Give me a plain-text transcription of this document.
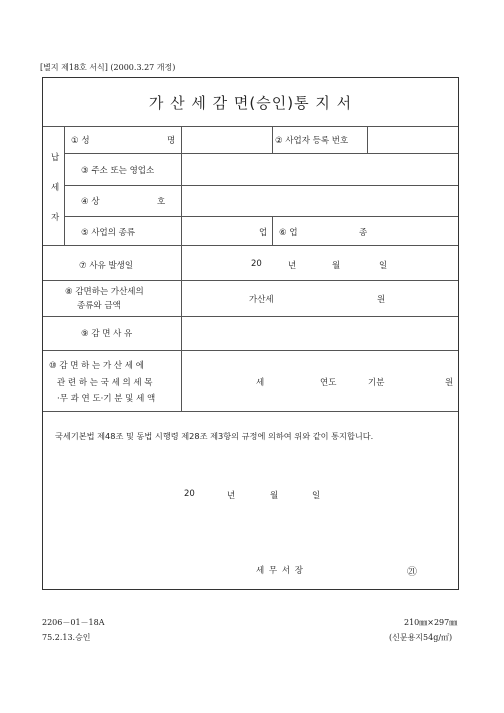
[별지 제18호 서식] (2000.3.27 개정)
가 산 세 감 면(승인)통 지 서
납
세
자
① 성	명	② 사업자 등록 번호
③ 주소 또는 영업소
④ 상	호
⑤ 사업의 종류	업 ⑥ 업	종
⑦ 사유 발생일	20	년	월	일
⑧ 감면하는 가산세의
종류와 금액
가산세	원
⑨ 감 면 사 유
⑩ 감 면 하 는 가 산 세 에
관 련 하 는 국 세 의 세 목
·무 과 연 도·기 분 및 세 액
세	연도	기분	원
국세기본법 제48조 및 동법 시행령 제28조 제3항의 규정에 의하여 위와 같이 통지합니다.
20	년	월	일
세 무 서 장	㉑
2206－01－18A
75.2.13.승인
210㎜×297㎜
(신문용지54g/㎡)
